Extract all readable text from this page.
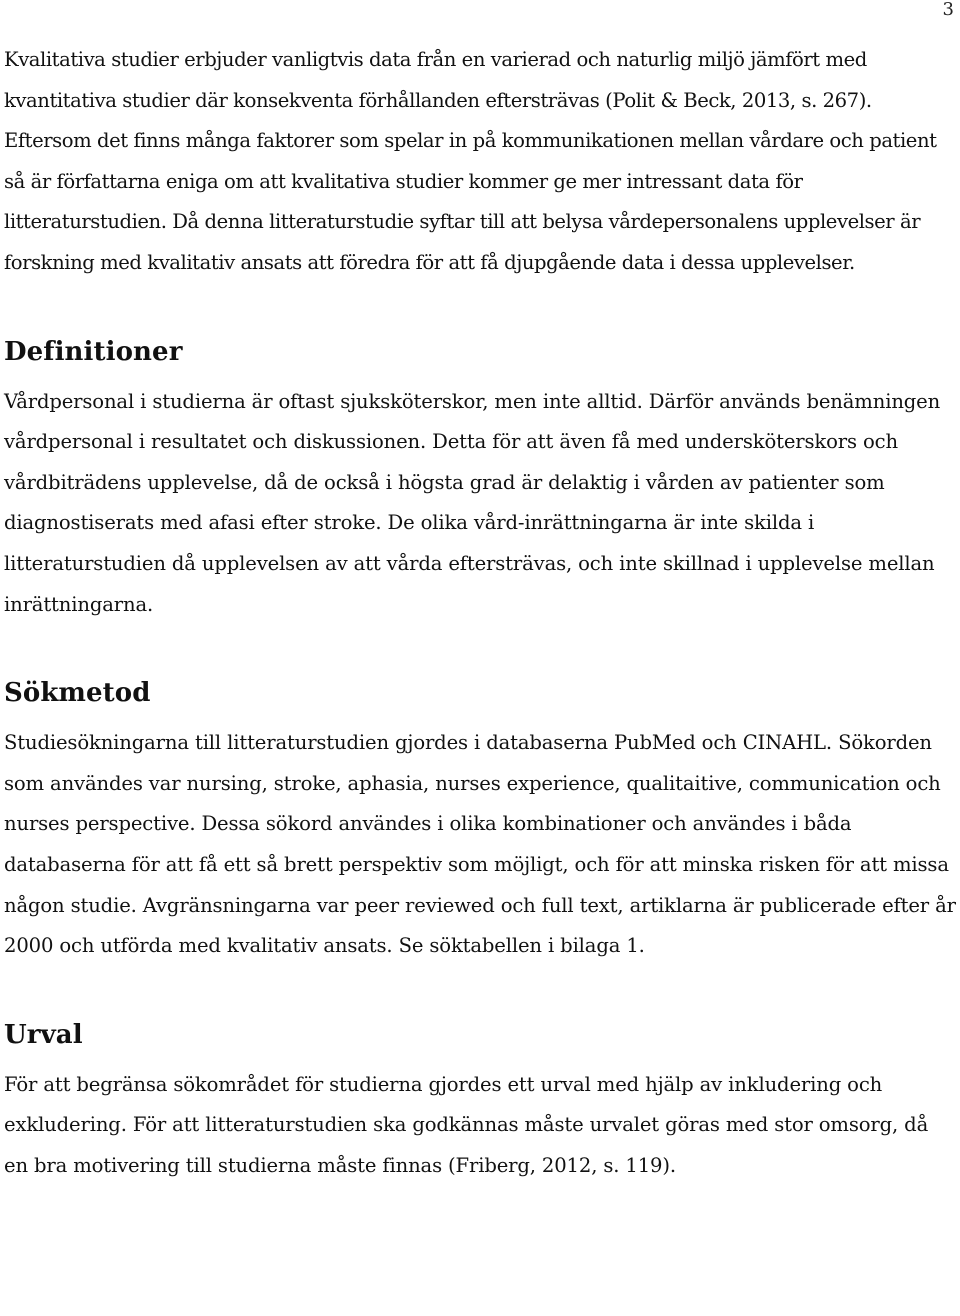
3

Kvalitativa studier erbjuder vanligtvis data från en varierad och naturlig miljö jämfört med kvantitativa studier där konsekventa förhållanden eftersträvas (Polit & Beck, 2013, s. 267). Eftersom det finns många faktorer som spelar in på kommunikationen mellan vårdare och patient så är författarna eniga om att kvalitativa studier kommer ge mer intressant data för litteraturstudien. Då denna litteraturstudie syftar till att belysa vårdepersonalens upplevelser är forskning med kvalitativ ansats att föredra för att få djupgående data i dessa upplevelser.

Definitioner

Vårdpersonal i studierna är oftast sjuksköterskor, men inte alltid. Därför används benämningen vårdpersonal i resultatet och diskussionen. Detta för att även få med undersköterskors och vårdbiträdens upplevelse, då de också i högsta grad är delaktig i vården av patienter som diagnostiserats med afasi efter stroke. De olika vård-inrättningarna är inte skilda i litteraturstudien då upplevelsen av att vårda eftersträvas, och inte skillnad i upplevelse mellan inrättningarna.

Sökmetod

Studiesökningarna till litteraturstudien gjordes i databaserna PubMed och CINAHL. Sökorden som användes var nursing, stroke, aphasia, nurses experience, qualitaitive, communication och nurses perspective. Dessa sökord användes i olika kombinationer och användes i båda databaserna för att få ett så brett perspektiv som möjligt, och för att minska risken för att missa någon studie. Avgränsningarna var peer reviewed och full text, artiklarna är publicerade efter år 2000 och utförda med kvalitativ ansats. Se söktabellen i bilaga 1.

Urval

För att begränsa sökområdet för studierna gjordes ett urval med hjälp av inkludering och exkludering. För att litteraturstudien ska godkännas måste urvalet göras med stor omsorg, då en bra motivering till studierna måste finnas (Friberg, 2012, s. 119).
